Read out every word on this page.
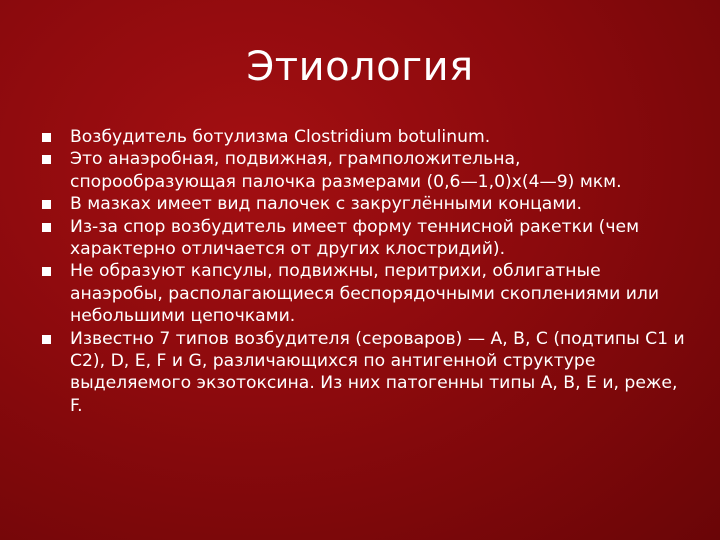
Этиология
Возбудитель ботулизма Clostridium botulinum.
Это анаэробная, подвижная, грамположительна, спорообразующая палочка размерами (0,6—1,0)х(4—9) мкм.
В мазках имеет вид палочек с закруглёнными концами.
Из-за спор возбудитель имеет форму теннисной ракетки (чем характерно отличается от других клостридий).
Не образуют капсулы, подвижны, перитрихи, облигатные анаэробы, располагающиеся беспорядочными скоплениями или небольшими цепочками.
Известно 7 типов возбудителя (сероваров) — A, B, C (подтипы C1 и C2), D, E, F и G, различающихся по антигенной структуре выделяемого экзотоксина. Из них патогенны типы A, B, E и, реже, F.
